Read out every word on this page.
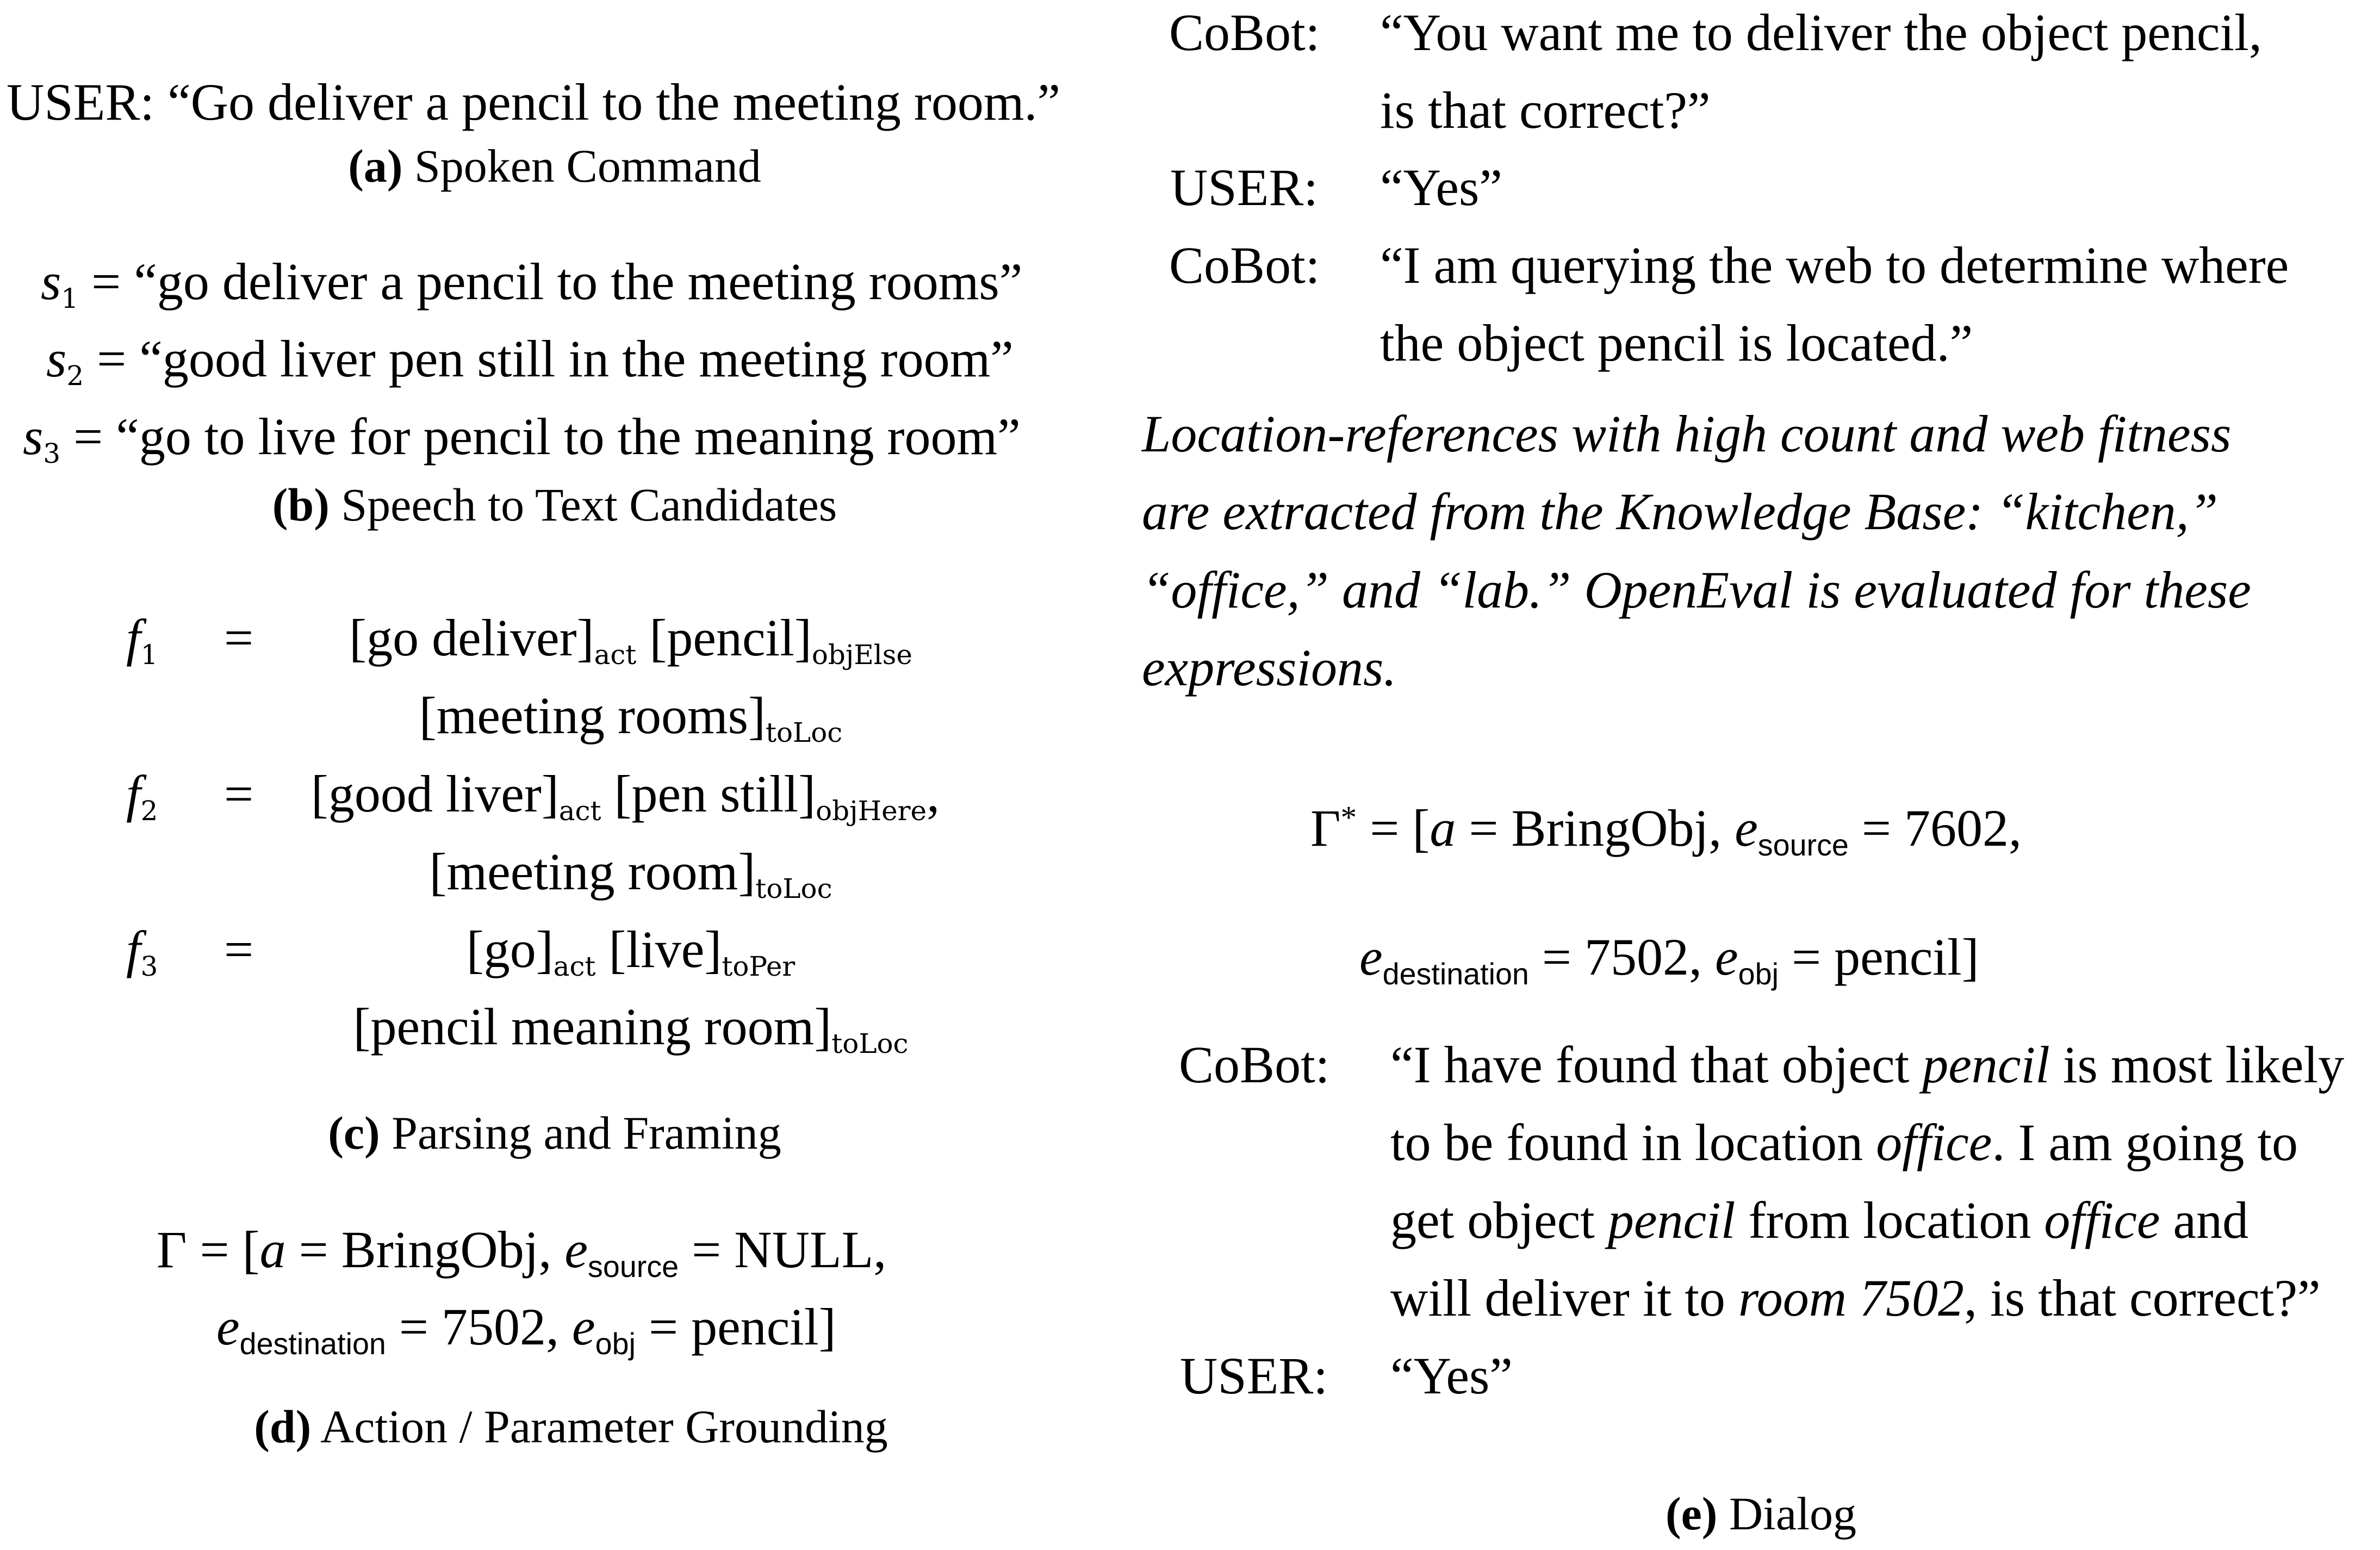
USER: “Go deliver a pencil to the meeting room.”
(a) Spoken Command
$s_1$ = “go deliver a pencil to the meeting rooms”
$s_2$ = “good liver pen still in the meeting room”
$s_3$ = “go to live for pencil to the meaning room”
(b) Speech to Text Candidates
$f_1$ =	[go $deliver]_{act}$ $[pencil]_{objElse}$
[meeting $rooms]_{toLoc}$
$f_2$ =	[good $liver]_{act}$ [pen $still]_{objHere}$,
[meeting $room]_{toLoc}$
$f_3$ =	$[go]_{act}$ $[live]_{toPer}$
[pencil meaning $room]_{toLoc}$
(c) Parsing and Framing
Γ = [a = BringObj, $e_{source}$ = NULL,
$e_{destination} = 7502$, $e_{obj}$ = pencil]
(d) Action / Parameter Grounding
CoBot: “You want me to deliver the object pencil,
is that correct?”
USER: “Yes”
CoBot: “I am querying the web to determine where
the object pencil is located.”
Location-references with high count and web fitness
are extracted from the Knowledge Base: “kitchen,”
“office,” and “lab.” OpenEval is evaluated for these
expressions.
Γ* = [a = BringObj, $e_{source} = 7602$,
$e_{destination} = 7502$, $e_{obj}$ = pencil]
CoBot: “I have found that object pencil is most likely
to be found in location office. I am going to
get object pencil from location office and
will deliver it to room 7502, is that correct?”
USER: “Yes”
(e) Dialog
